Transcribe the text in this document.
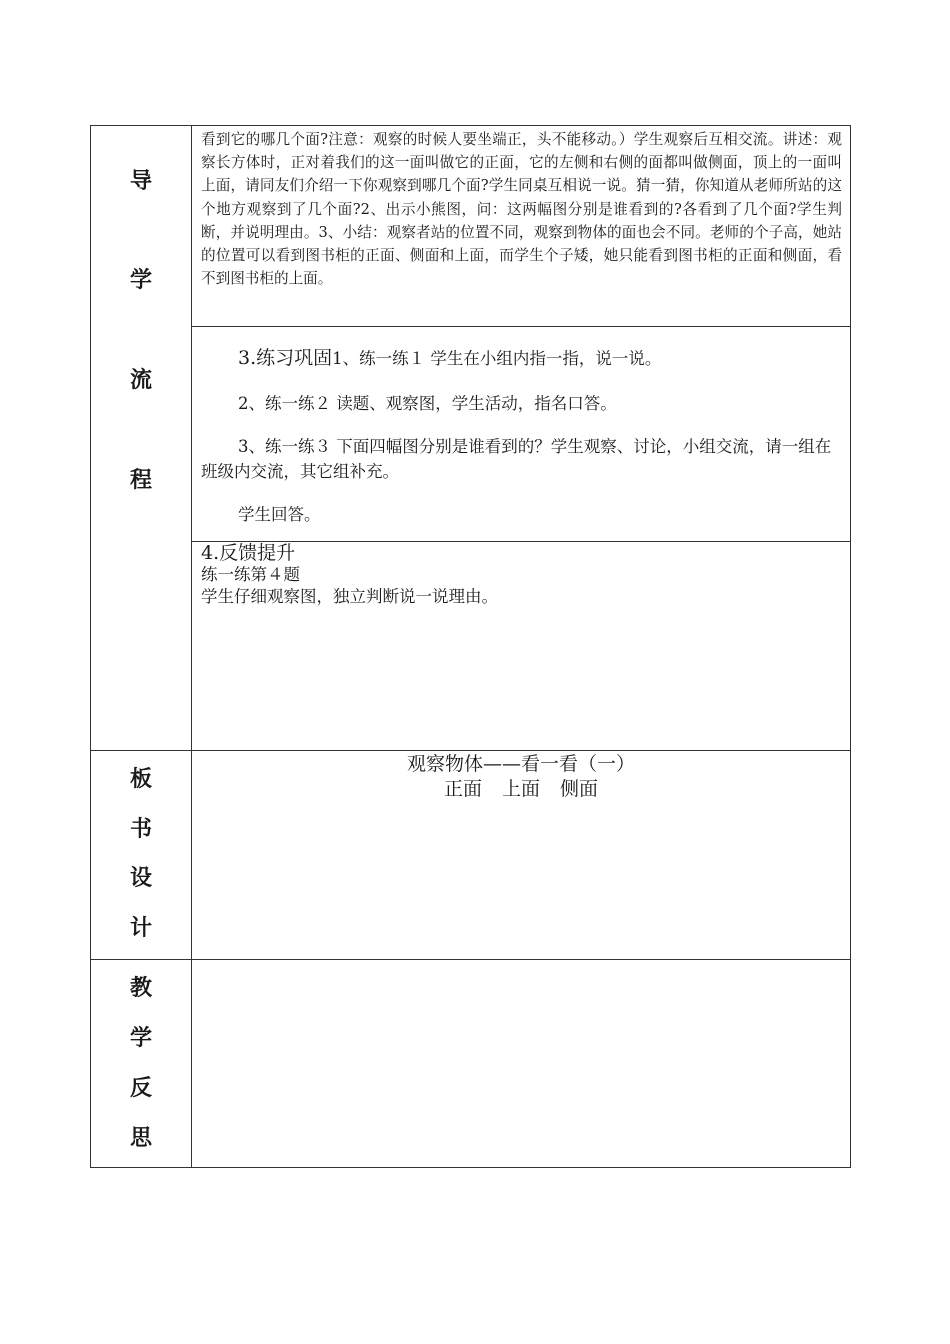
导
学
流
程
板
书
设
计
教
学
反
思
看到它的哪几个面?注意：观察的时候人要坐端正，头不能移动。）学生观察后互相交流。讲述：观察长方体时，正对着我们的这一面叫做它的正面，它的左侧和右侧的面都叫做侧面，顶上的一面叫上面，请同友们介绍一下你观察到哪几个面?学生同桌互相说一说。猜一猜，你知道从老师所站的这个地方观察到了几个面?2、出示小熊图，问：这两幅图分别是谁看到的?各看到了几个面?学生判断，并说明理由。3、小结：观察者站的位置不同，观察到物体的面也会不同。老师的个子高，她站的位置可以看到图书柜的正面、侧面和上面，而学生个子矮，她只能看到图书柜的正面和侧面，看不到图书柜的上面。

3.练习巩固1、练一练１ 学生在小组内指一指，说一说。

2、练一练２ 读题、观察图，学生活动，指名口答。

3、练一练３ 下面四幅图分别是谁看到的？学生观察、讨论，小组交流，请一组在班级内交流，其它组补充。

学生回答。

4.反馈提升
练一练第４题
学生仔细观察图，独立判断说一说理由。
观察物体——看一看（一）
正面 上面 侧面
